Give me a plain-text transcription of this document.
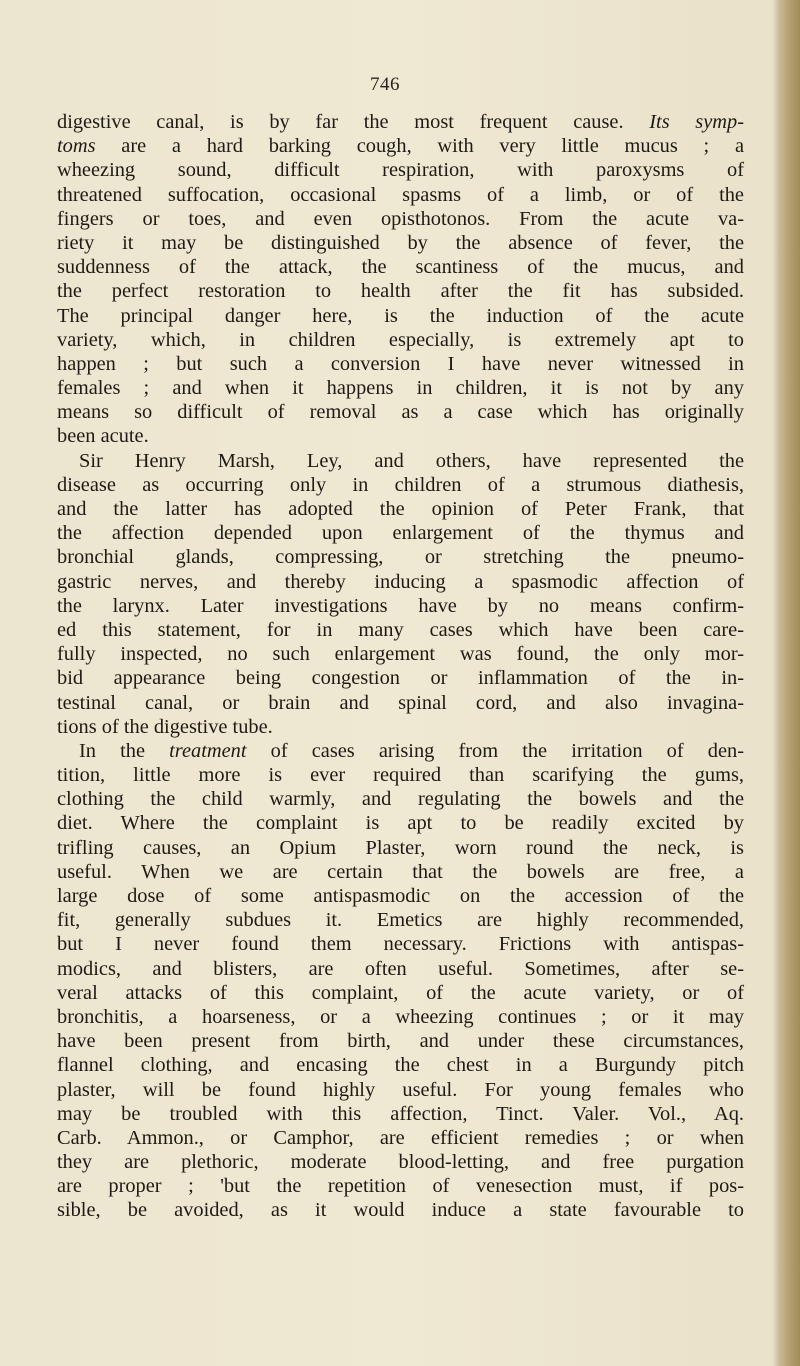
746
digestive canal, is by far the most frequent cause. Its symp-
toms are a hard barking cough, with very little mucus ; a
wheezing sound, difficult respiration, with paroxysms of
threatened suffocation, occasional spasms of a limb, or of the
fingers or toes, and even opisthotonos. From the acute va-
riety it may be distinguished by the absence of fever, the
suddenness of the attack, the scantiness of the mucus, and
the perfect restoration to health after the fit has subsided.
The principal danger here, is the induction of the acute
variety, which, in children especially, is extremely apt to
happen ; but such a conversion I have never witnessed in
females ; and when it happens in children, it is not by any
means so difficult of removal as a case which has originally
been acute.
Sir Henry Marsh, Ley, and others, have represented the
disease as occurring only in children of a strumous diathesis,
and the latter has adopted the opinion of Peter Frank, that
the affection depended upon enlargement of the thymus and
bronchial glands, compressing, or stretching the pneumo-
gastric nerves, and thereby inducing a spasmodic affection of
the larynx. Later investigations have by no means confirm-
ed this statement, for in many cases which have been care-
fully inspected, no such enlargement was found, the only mor-
bid appearance being congestion or inflammation of the in-
testinal canal, or brain and spinal cord, and also invagina-
tions of the digestive tube.
In the treatment of cases arising from the irritation of den-
tition, little more is ever required than scarifying the gums,
clothing the child warmly, and regulating the bowels and the
diet. Where the complaint is apt to be readily excited by
trifling causes, an Opium Plaster, worn round the neck, is
useful. When we are certain that the bowels are free, a
large dose of some antispasmodic on the accession of the
fit, generally subdues it. Emetics are highly recommended,
but I never found them necessary. Frictions with antispas-
modics, and blisters, are often useful. Sometimes, after se-
veral attacks of this complaint, of the acute variety, or of
bronchitis, a hoarseness, or a wheezing continues ; or it may
have been present from birth, and under these circumstances,
flannel clothing, and encasing the chest in a Burgundy pitch
plaster, will be found highly useful. For young females who
may be troubled with this affection, Tinct. Valer. Vol., Aq.
Carb. Ammon., or Camphor, are efficient remedies ; or when
they are plethoric, moderate blood-letting, and free purgation
are proper ; 'but the repetition of venesection must, if pos-
sible, be avoided, as it would induce a state favourable to
